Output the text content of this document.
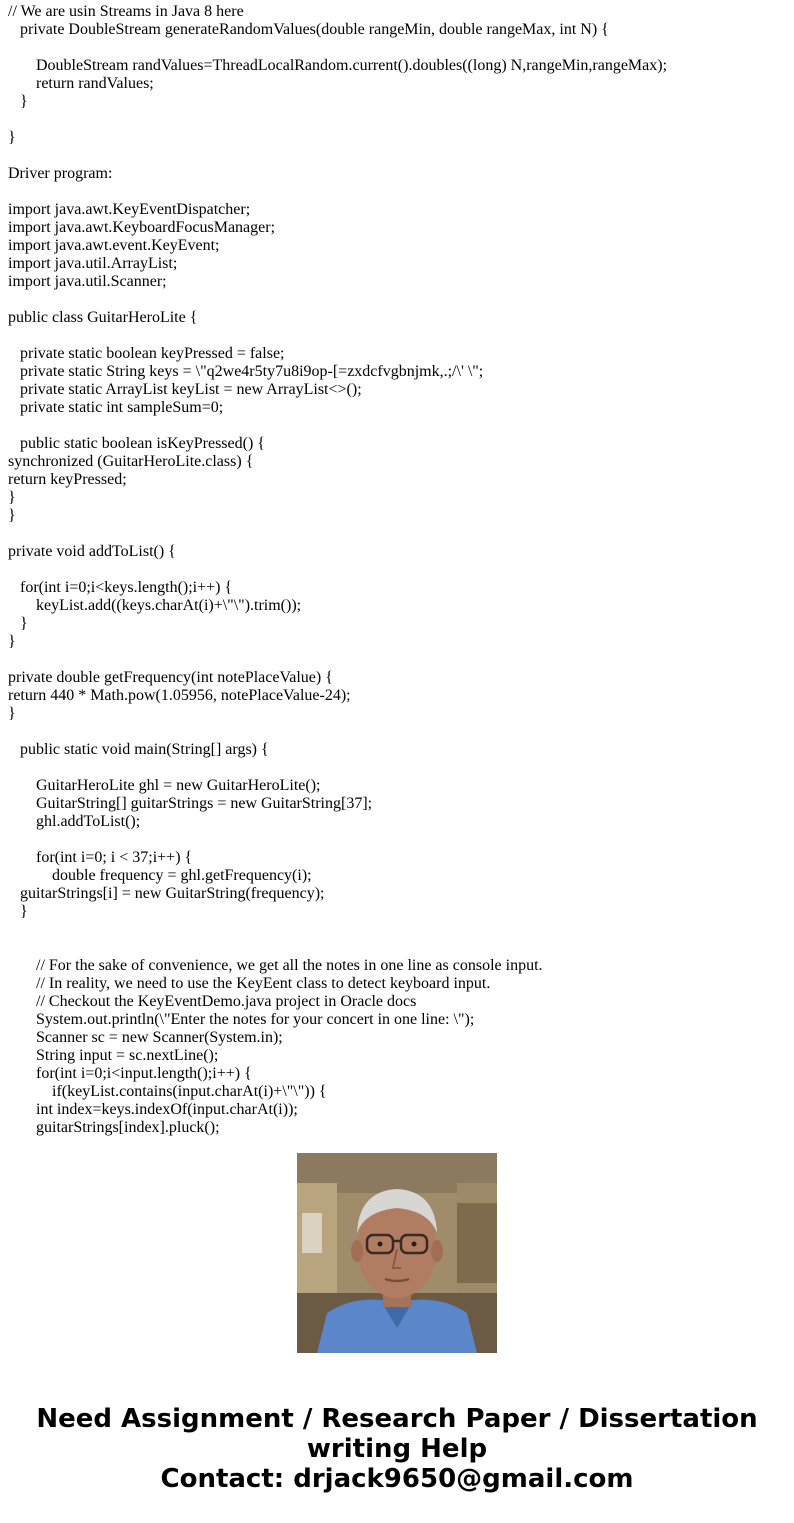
// We are usin Streams in Java 8 here
private DoubleStream generateRandomValues(double rangeMin, double rangeMax, int N) {
DoubleStream randValues=ThreadLocalRandom.current().doubles((long) N,rangeMin,rangeMax);
return randValues;
}
}
Driver program:
import java.awt.KeyEventDispatcher;
import java.awt.KeyboardFocusManager;
import java.awt.event.KeyEvent;
import java.util.ArrayList;
import java.util.Scanner;
public class GuitarHeroLite {
private static boolean keyPressed = false;
private static String keys = \"q2we4r5ty7u8i9op-[=zxdcfvgbnjmk,.;/\' \";
private static ArrayList keyList = new ArrayList<>();
private static int sampleSum=0;
public static boolean isKeyPressed() {
synchronized (GuitarHeroLite.class) {
return keyPressed;
}
}
private void addToList() {
for(int i=0;i<keys.length();i++) {
keyList.add((keys.charAt(i)+\"\").trim());
}
}
private double getFrequency(int notePlaceValue) {
return 440 * Math.pow(1.05956, notePlaceValue-24);
}
public static void main(String[] args) {
GuitarHeroLite ghl = new GuitarHeroLite();
GuitarString[] guitarStrings = new GuitarString[37];
ghl.addToList();
for(int i=0; i < 37;i++) {
double frequency = ghl.getFrequency(i);
guitarStrings[i] = new GuitarString(frequency);
}
// For the sake of convenience, we get all the notes in one line as console input.
// In reality, we need to use the KeyEent class to detect keyboard input.
// Checkout the KeyEventDemo.java project in Oracle docs
System.out.println(\"Enter the notes for your concert in one line: \");
Scanner sc = new Scanner(System.in);
String input = sc.nextLine();
for(int i=0;i<input.length();i++) {
if(keyList.contains(input.charAt(i)+\"\")) {
int index=keys.indexOf(input.charAt(i));
guitarStrings[index].pluck();
Need Assignment / Research Paper / Dissertation
writing Help
Contact: drjack9650@gmail.com
